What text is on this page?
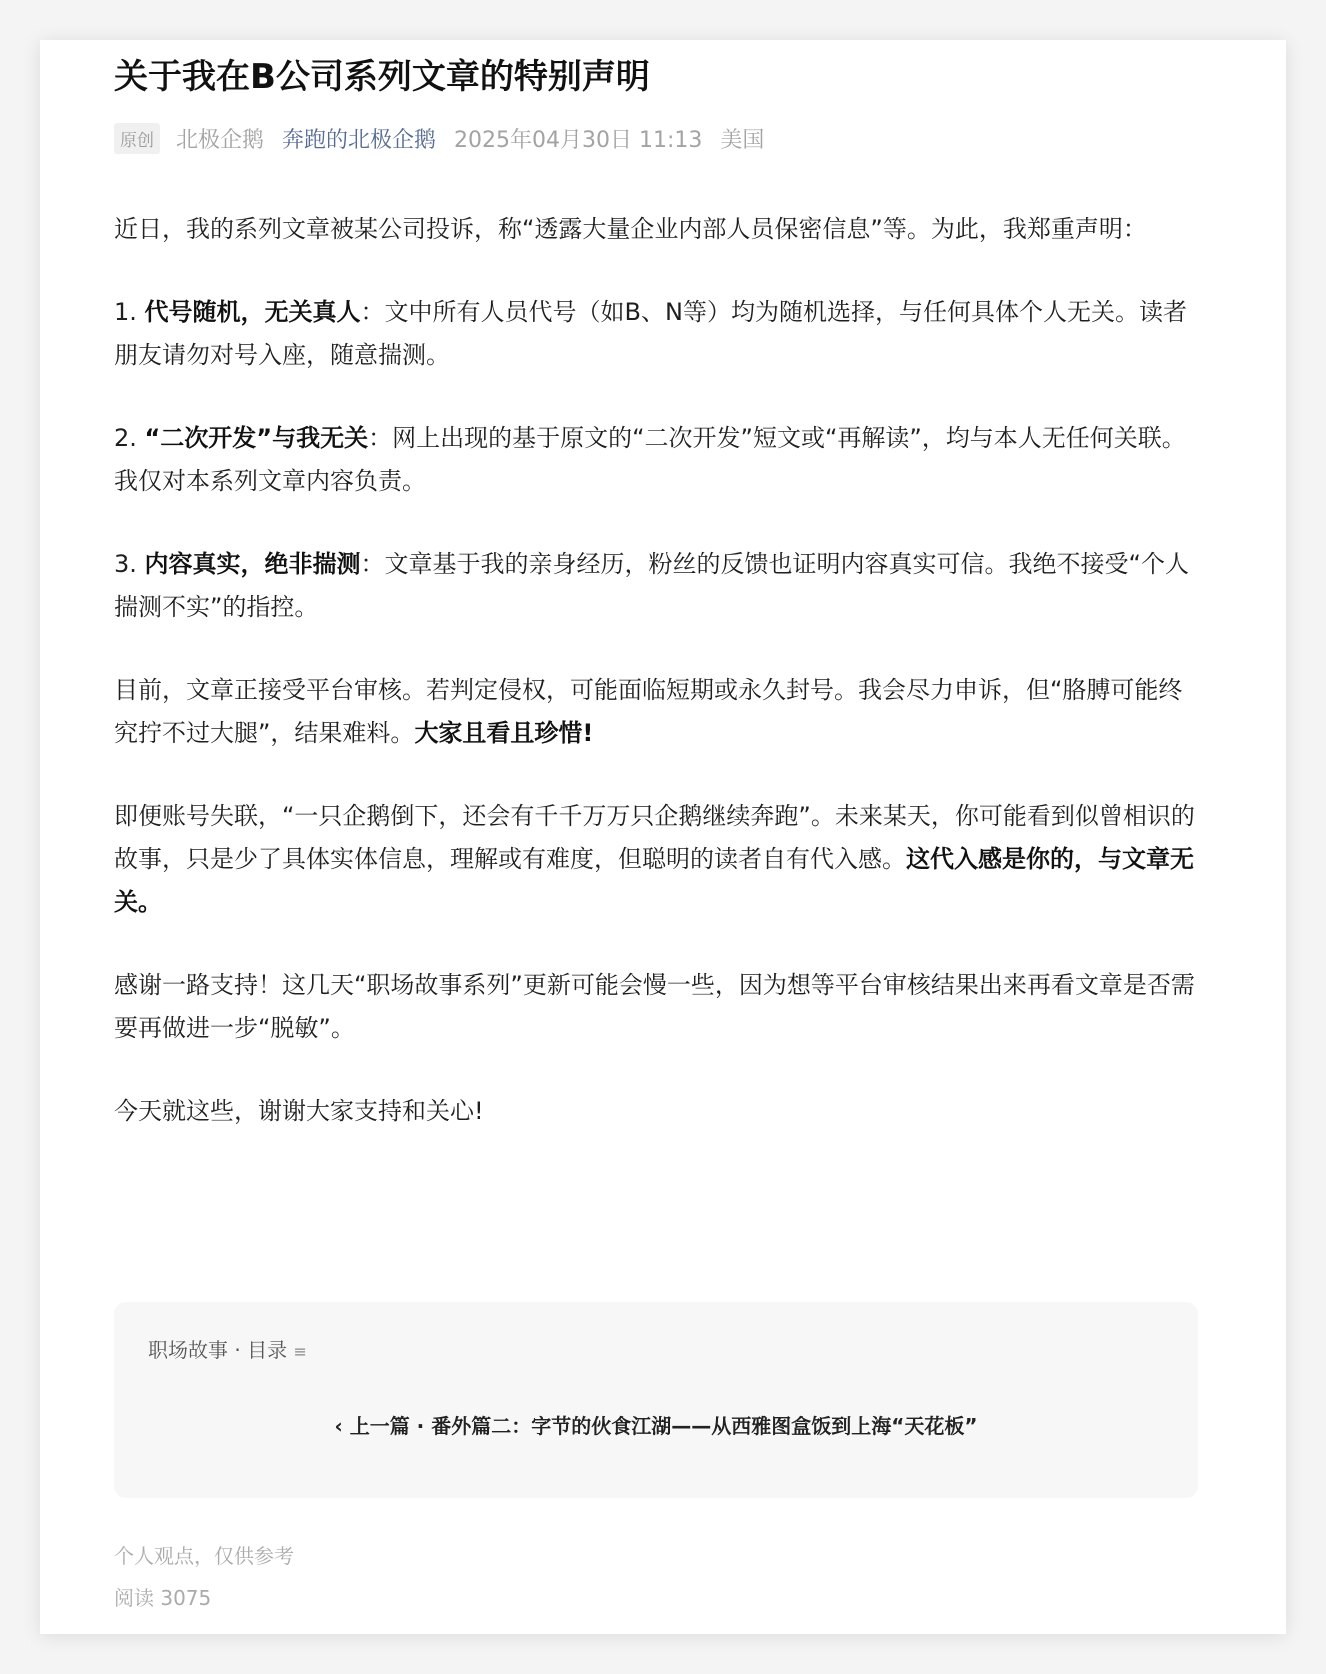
关于我在B公司系列文章的特别声明
原创 北极企鹅 奔跑的北极企鹅 2025年04月30日 11:13 美国

近日，我的系列文章被某公司投诉，称“透露大量企业内部人员保密信息”等。为此，我郑重声明：

1. 代号随机，无关真人：文中所有人员代号（如B、N等）均为随机选择，与任何具体个人无关。读者朋友请勿对号入座，随意揣测。

2. “二次开发”与我无关：网上出现的基于原文的“二次开发”短文或“再解读”，均与本人无任何关联。我仅对本系列文章内容负责。

3. 内容真实，绝非揣测：文章基于我的亲身经历，粉丝的反馈也证明内容真实可信。我绝不接受“个人揣测不实”的指控。

目前，文章正接受平台审核。若判定侵权，可能面临短期或永久封号。我会尽力申诉，但“胳膊可能终究拧不过大腿”，结果难料。大家且看且珍惜!

即便账号失联，“一只企鹅倒下，还会有千千万万只企鹅继续奔跑”。未来某天，你可能看到似曾相识的故事，只是少了具体实体信息，理解或有难度，但聪明的读者自有代入感。这代入感是你的，与文章无关。

感谢一路支持！这几天“职场故事系列”更新可能会慢一些，因为想等平台审核结果出来再看文章是否需要再做进一步“脱敏”。

今天就这些，谢谢大家支持和关心!

职场故事 · 目录 ≡
‹ 上一篇 · 番外篇二：字节的伙食江湖——从西雅图盒饭到上海“天花板”
个人观点，仅供参考
阅读 3075
